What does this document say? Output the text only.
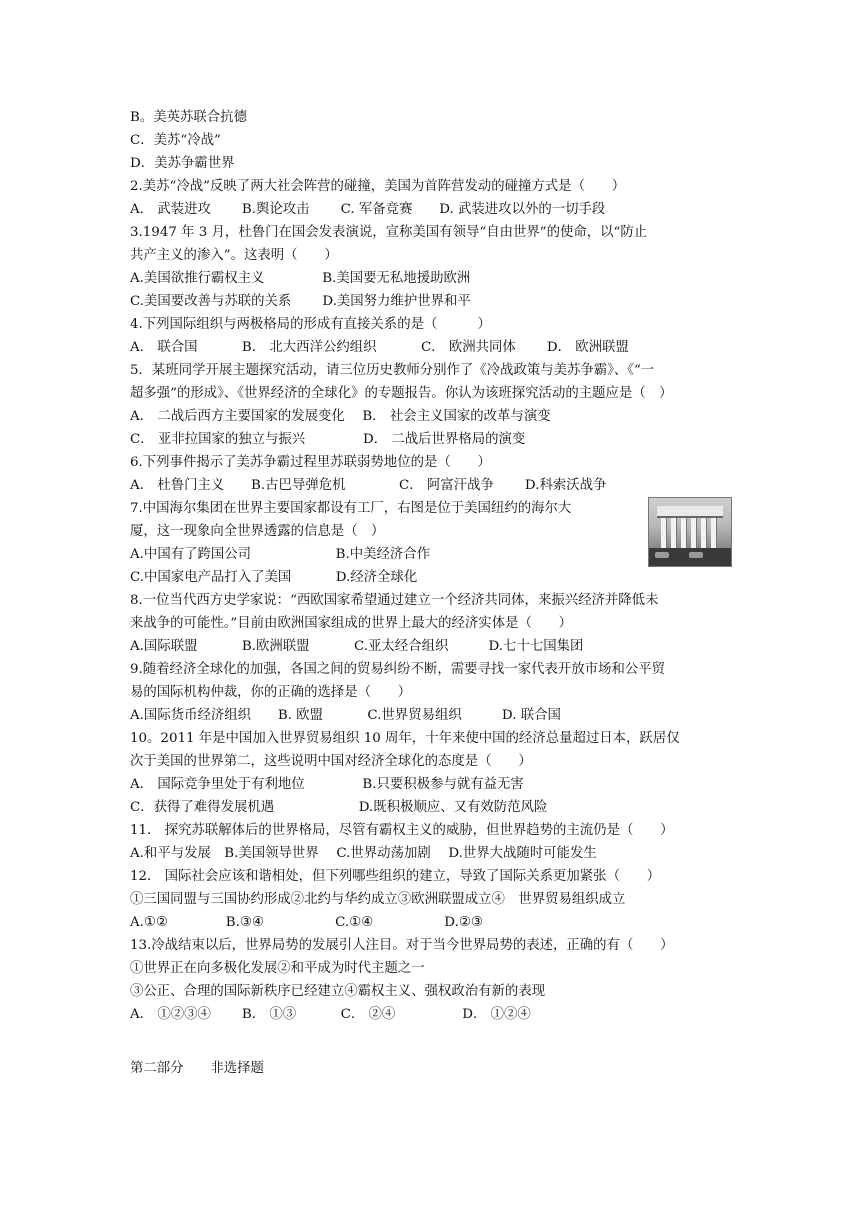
B。美英苏联合抗德
C．美苏“冷战”
D．美苏争霸世界
2.美苏“冷战”反映了两大社会阵营的碰撞，美国为首阵营发动的碰撞方式是（　　）
A． 武装进攻　　 B.舆论攻击　　 C. 军备竞赛　　D. 武装进攻以外的一切手段
3.1947 年 3 月，杜鲁门在国会发表演说，宣称美国有领导“自由世界”的使命，以“防止
共产主义的渗入”。这表明（　　）
A.美国欲推行霸权主义　　　　 B.美国要无私地援助欧洲
C.美国要改善与苏联的关系　　 D.美国努力维护世界和平
4.下列国际组织与两极格局的形成有直接关系的是（　　　）
A． 联合国　　　 B． 北大西洋公约组织　　　 C． 欧洲共同体　　 D． 欧洲联盟
5．某班同学开展主题探究活动，请三位历史教师分别作了《冷战政策与美苏争霸》、《“一
超多强”的形成》、《世界经济的全球化》的专题报告。你认为该班探究活动的主题应是（　）
A． 二战后西方主要国家的发展变化　 B． 社会主义国家的改革与演变
C． 亚非拉国家的独立与振兴　　　　 D． 二战后世界格局的演变
6.下列事件揭示了美苏争霸过程里苏联弱势地位的是（　　）
A． 杜鲁门主义　　B.古巴导弹危机　　　　C． 阿富汗战争　　 D.科索沃战争
7.中国海尔集团在世界主要国家都设有工厂，右图是位于美国纽约的海尔大
厦，这一现象向全世界透露的信息是（　）
A.中国有了跨国公司　　　　　　 B.中美经济合作
C.中国家电产品打入了美国　　　 D.经济全球化
8.一位当代西方史学家说：“西欧国家希望通过建立一个经济共同体，来振兴经济并降低未
来战争的可能性。”目前由欧洲国家组成的世界上最大的经济实体是（　　）
A.国际联盟　　　 B.欧洲联盟　　　 C.亚太经合组织　　　D.七十七国集团
9.随着经济全球化的加强，各国之间的贸易纠纷不断，需要寻找一家代表开放市场和公平贸
易的国际机构仲裁，你的正确的选择是（　　）
A.国际货币经济组织　　B. 欧盟　　　 C.世界贸易组织　　　D. 联合国
10。2011 年是中国加入世界贸易组织 10 周年，十年来使中国的经济总量超过日本，跃居仅
次于美国的世界第二，这些说明中国对经济全球化的态度是（　　）
A． 国际竞争里处于有利地位　　　　 B.只要积极参与就有益无害
C．获得了难得发展机遇　　　　　　 D.既积极顺应、又有效防范风险
11． 探究苏联解体后的世界格局，尽管有霸权主义的威胁，但世界趋势的主流仍是（　　）
A.和平与发展　B.美国领导世界　 C.世界动荡加剧　 D.世界大战随时可能发生
12． 国际社会应该和谐相处，但下列哪些组织的建立，导致了国际关系更加紧张（　　）
①三国同盟与三国协约形成②北约与华约成立③欧洲联盟成立④　世界贸易组织成立
A.①②　　　　 B.③④　　　　　 C.①④　　　　　 D.②③
13.冷战结束以后，世界局势的发展引人注目。对于当今世界局势的表述，正确的有（　　）
①世界正在向多极化发展②和平成为时代主题之一
③公正、合理的国际新秩序已经建立④霸权主义、强权政治有新的表现
A． ①②③④　　 B． ①③　　　 C． ②④　　　　　D． ①②④
第二部分　　非选择题
